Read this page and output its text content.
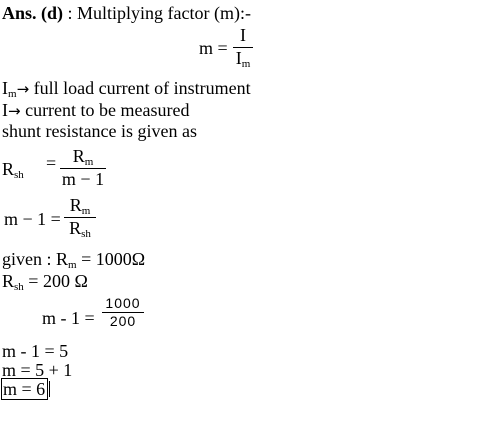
Ans. (d) : Multiplying factor (m):-
m =
I
$I_m$
$I_m\to$ full load current of instrument
I→ current to be measured
shunt resistance is given as
$R_{sh}$
= $R_m$
m − 1
m − 1 =
$R_m$
$R_{sh}$
given : $R_m = 1000\Omega$
$R_{sh} = 200$ Ω
m - 1 =
1000
200
m - 1 = 5
m = 5 + 1
m = 6
